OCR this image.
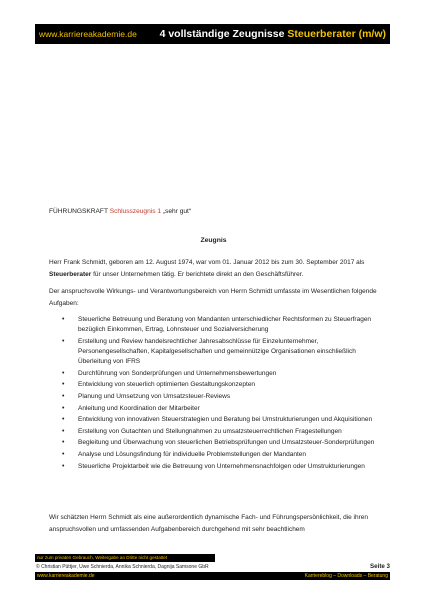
www.karriereakademie.de 4 vollständige Zeugnisse Steuerberater (m/w)
FÜHRUNGSKRAFT Schlusszeugnis 1 „sehr gut“
Zeugnis
Herr Frank Schmidt, geboren am 12. August 1974, war vom 01. Januar 2012 bis zum 30. September 2017 als Steuerberater für unser Unternehmen tätig. Er berichtete direkt an den Geschäftsführer.
Der anspruchsvolle Wirkungs- und Verantwortungsbereich von Herrn Schmidt umfasste im Wesentlichen folgende Aufgaben:
• Steuerliche Betreuung und Beratung von Mandanten unterschiedlicher Rechtsformen zu Steuerfragen bezüglich Einkommen, Ertrag, Lohnsteuer und Sozialversicherung
• Erstellung und Review handelsrechtlicher Jahresabschlüsse für Einzelunternehmer, Personengesellschaften, Kapitalgesellschaften und gemeinnützige Organisationen einschließlich Überleitung von IFRS
• Durchführung von Sonderprüfungen und Unternehmensbewertungen
• Entwicklung von steuerlich optimierten Gestaltungskonzepten
• Planung und Umsetzung von Umsatzsteuer-Reviews
• Anleitung und Koordination der Mitarbeiter
• Entwicklung von innovativen Steuerstrategien und Beratung bei Umstrukturierungen und Akquisitionen
• Erstellung von Gutachten und Stellungnahmen zu umsatzsteuerrechtlichen Fragestellungen
• Begleitung und Überwachung von steuerlichen Betriebsprüfungen und Umsatzsteuer-Sonderprüfungen
• Analyse und Lösungsfindung für individuelle Problemstellungen der Mandanten
• Steuerliche Projektarbeit wie die Betreuung von Unternehmensnachfolgen oder Umstrukturierungen
Wir schätzten Herrn Schmidt als eine außerordentlich dynamische Fach- und Führungspersönlichkeit, die ihren anspruchsvollen und umfassenden Aufgabenbereich durchgehend mit sehr beachtlichem
nur zum privaten Gebrauch, Weitergabe an Dritte nicht gestattet
© Christian Püttjer, Uwe Schnierda, Annika Schnierda, Dagnija Samsone GbR	Seite 3
www.karriereakademie.de	Karriereblog – Downloads – Beratung
